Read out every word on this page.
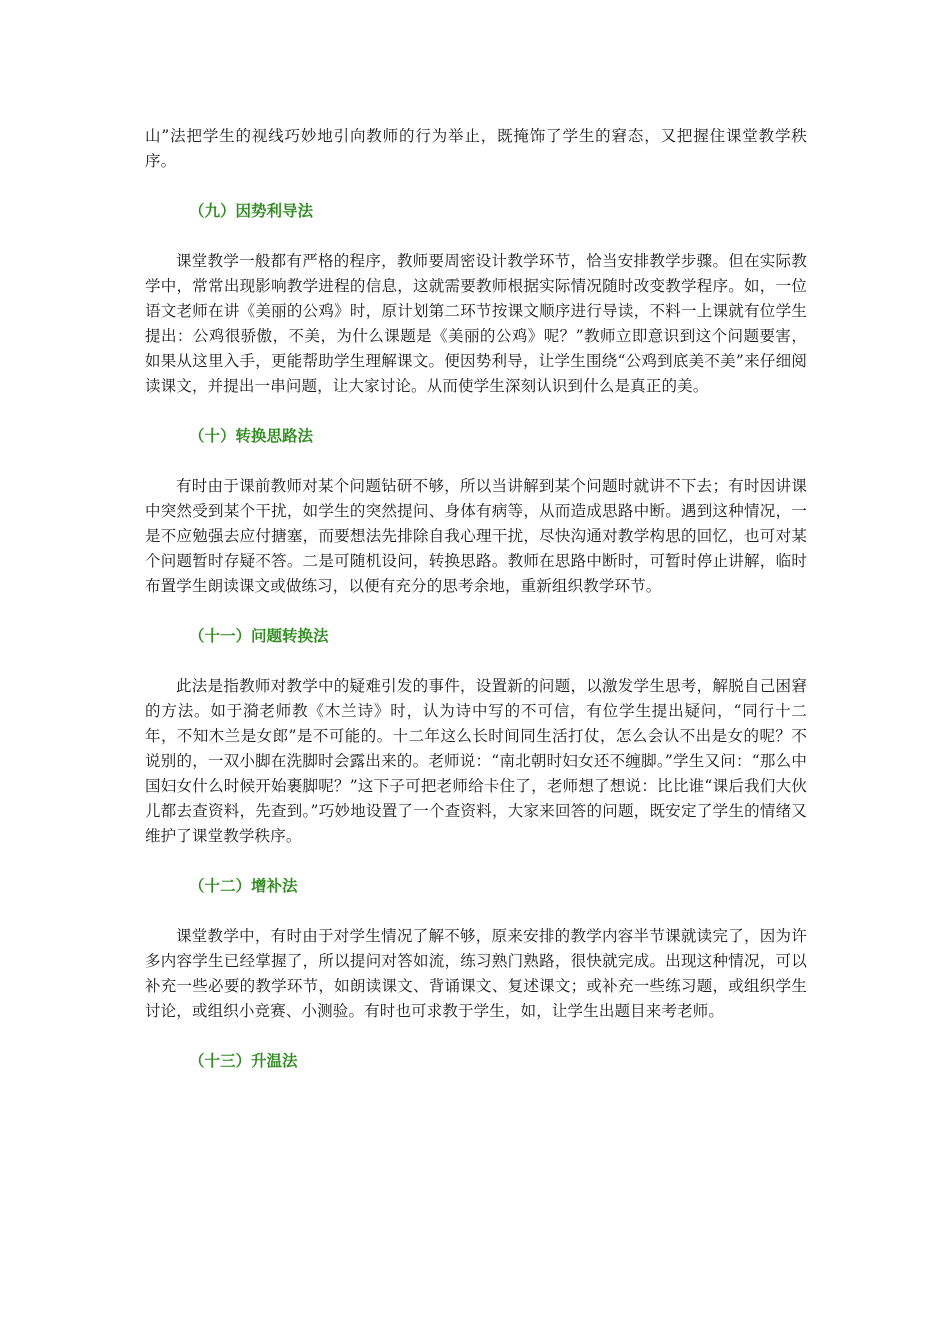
山”法把学生的视线巧妙地引向教师的行为举止，既掩饰了学生的窘态，又把握住课堂教学秩序。

（九）因势利导法

课堂教学一般都有严格的程序，教师要周密设计教学环节，恰当安排教学步骤。但在实际教学中，常常出现影响教学进程的信息，这就需要教师根据实际情况随时改变教学程序。如，一位语文老师在讲《美丽的公鸡》时，原计划第二环节按课文顺序进行导读，不料一上课就有位学生提出：公鸡很骄傲，不美，为什么课题是《美丽的公鸡》呢？”教师立即意识到这个问题要害，如果从这里入手，更能帮助学生理解课文。便因势利导，让学生围绕“公鸡到底美不美”来仔细阅读课文，并提出一串问题，让大家讨论。从而使学生深刻认识到什么是真正的美。

（十）转换思路法

有时由于课前教师对某个问题钻研不够，所以当讲解到某个问题时就讲不下去；有时因讲课中突然受到某个干扰，如学生的突然提问、身体有病等，从而造成思路中断。遇到这种情况，一是不应勉强去应付搪塞，而要想法先排除自我心理干扰，尽快沟通对教学构思的回忆，也可对某个问题暂时存疑不答。二是可随机设问，转换思路。教师在思路中断时，可暂时停止讲解，临时布置学生朗读课文或做练习，以便有充分的思考余地，重新组织教学环节。

（十一）问题转换法

此法是指教师对教学中的疑难引发的事件，设置新的问题，以激发学生思考，解脱自己困窘的方法。如于漪老师教《木兰诗》时，认为诗中写的不可信，有位学生提出疑问，“同行十二年，不知木兰是女郎”是不可能的。十二年这么长时间同生活打仗，怎么会认不出是女的呢？不说别的，一双小脚在洗脚时会露出来的。老师说：“南北朝时妇女还不缠脚。”学生又问：“那么中国妇女什么时候开始裹脚呢？”这下子可把老师给卡住了，老师想了想说：比比谁“课后我们大伙儿都去查资料，先查到。”巧妙地设置了一个查资料，大家来回答的问题，既安定了学生的情绪又维护了课堂教学秩序。

（十二）增补法

课堂教学中，有时由于对学生情况了解不够，原来安排的教学内容半节课就读完了，因为许多内容学生已经掌握了，所以提问对答如流，练习熟门熟路，很快就完成。出现这种情况，可以补充一些必要的教学环节，如朗读课文、背诵课文、复述课文；或补充一些练习题，或组织学生讨论，或组织小竞赛、小测验。有时也可求教于学生，如，让学生出题目来考老师。

（十三）升温法
